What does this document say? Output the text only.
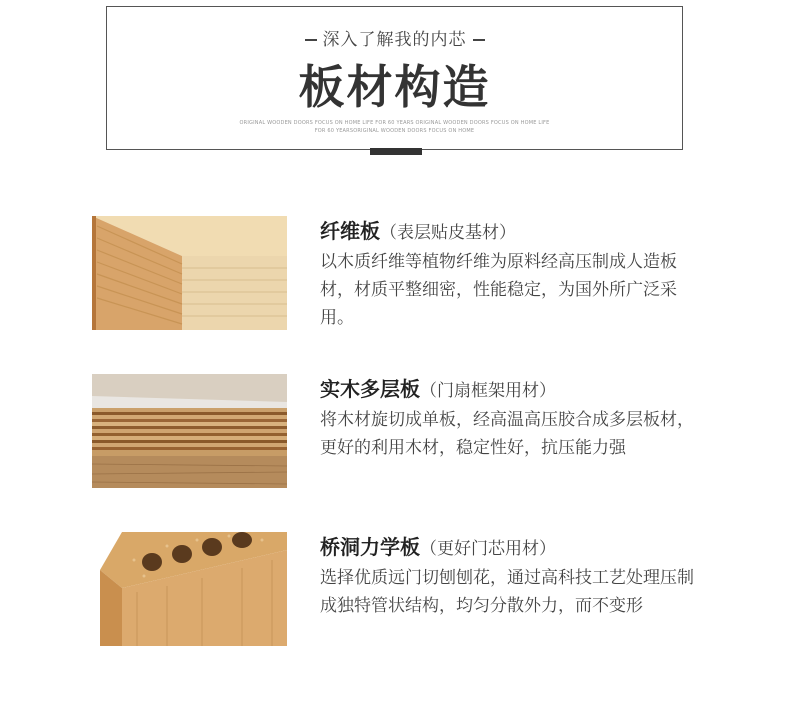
深入了解我的内芯
板材构造
ORIGINAL WOODEN DOORS FOCUS ON HOME LIFE FOR 60 YEARS ORIGINAL WOODEN DOORS FOCUS ON HOME LIFE
FOR 60 YEARSORIGINAL WOODEN DOORS FOCUS ON HOME
纤维板（表层贴皮基材）
以木质纤维等植物纤维为原料经高压制成人造板材，材质平整细密，性能稳定，为国外所广泛采用。
实木多层板（门扇框架用材）
将木材旋切成单板，经高温高压胶合成多层板材，更好的利用木材，稳定性好，抗压能力强
桥洞力学板（更好门芯用材）
选择优质远门切刨刨花，通过高科技工艺处理压制成独特管状结构，均匀分散外力，而不变形
